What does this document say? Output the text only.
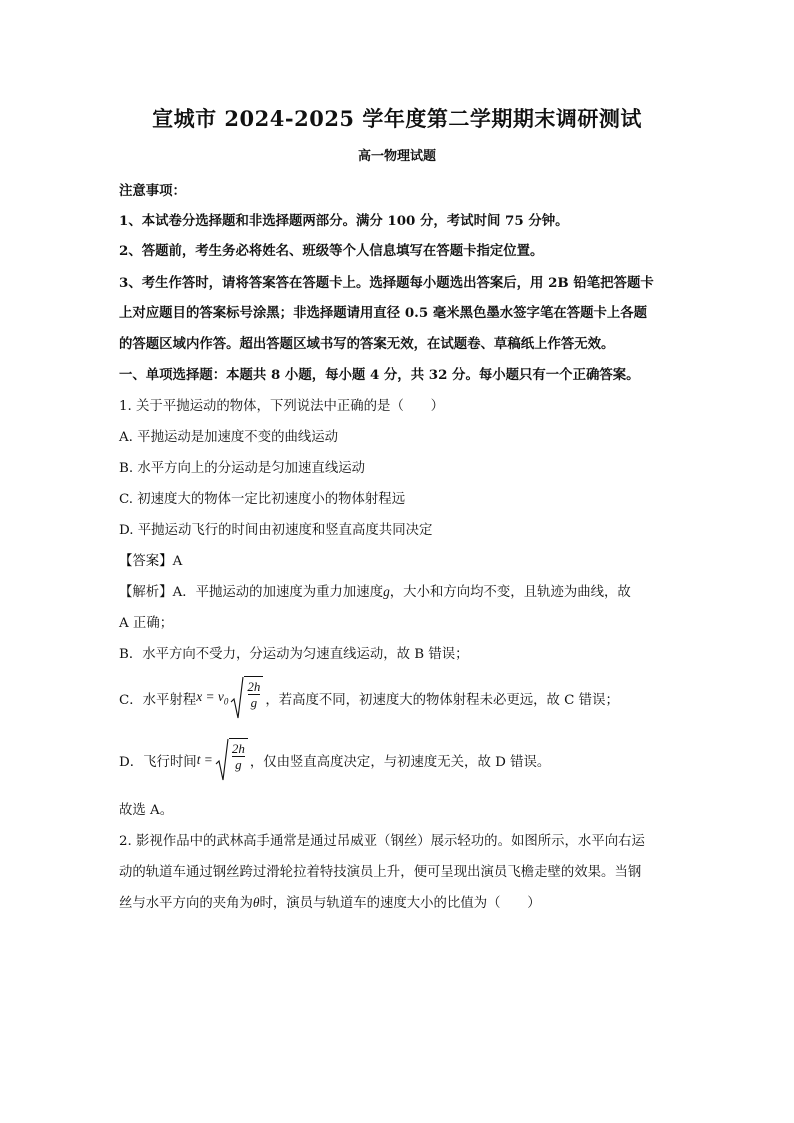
宣城市 2024-2025 学年度第二学期期末调研测试
高一物理试题
注意事项：
1、本试卷分选择题和非选择题两部分。满分 100 分，考试时间 75 分钟。
2、答题前，考生务必将姓名、班级等个人信息填写在答题卡指定位置。
3、考生作答时，请将答案答在答题卡上。选择题每小题选出答案后，用 2B 铅笔把答题卡
上对应题目的答案标号涂黑；非选择题请用直径 0.5 毫米黑色墨水签字笔在答题卡上各题
的答题区域内作答。超出答题区域书写的答案无效，在试题卷、草稿纸上作答无效。
一、单项选择题：本题共 8 小题，每小题 4 分，共 32 分。每小题只有一个正确答案。
1. 关于平抛运动的物体，下列说法中正确的是（　　）
A. 平抛运动是加速度不变的曲线运动
B. 水平方向上的分运动是匀加速直线运动
C. 初速度大的物体一定比初速度小的物体射程远
D. 平抛运动飞行的时间由初速度和竖直高度共同决定
【答案】A
【解析】A．平抛运动的加速度为重力加速度g，大小和方向均不变，且轨迹为曲线，故
A 正确；
B．水平方向不受力，分运动为匀速直线运动，故 B 错误；
C．水平射程 $x = v_0 \frac{2h}{g}$ ，若高度不同，初速度大的物体射程未必更远，故 C 错误；
D．飞行时间 $t = \frac{2h}{g}$ ，仅由竖直高度决定，与初速度无关，故 D 错误。
故选 A。
2. 影视作品中的武林高手通常是通过吊威亚（钢丝）展示轻功的。如图所示，水平向右运
动的轨道车通过钢丝跨过滑轮拉着特技演员上升，便可呈现出演员飞檐走壁的效果。当钢
丝与水平方向的夹角为θ时，演员与轨道车的速度大小的比值为（　　）
